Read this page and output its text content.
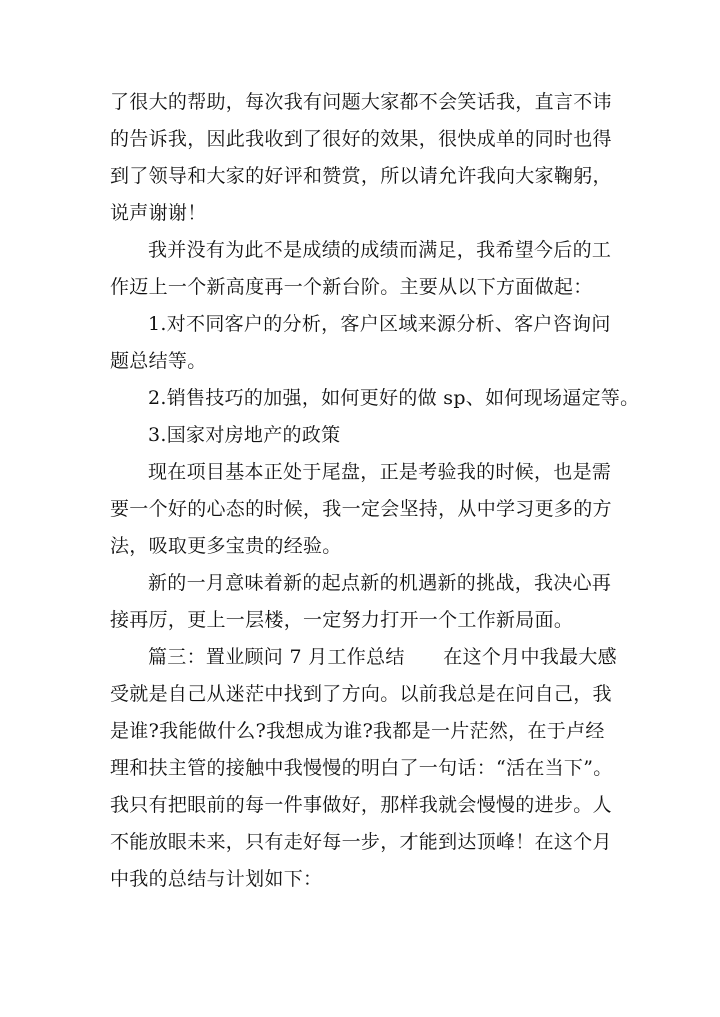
了很大的帮助，每次我有问题大家都不会笑话我，直言不讳
的告诉我，因此我收到了很好的效果，很快成单的同时也得
到了领导和大家的好评和赞赏，所以请允许我向大家鞠躬，
说声谢谢！
我并没有为此不是成绩的成绩而满足，我希望今后的工
作迈上一个新高度再一个新台阶。主要从以下方面做起：
1.对不同客户的分析，客户区域来源分析、客户咨询问
题总结等。
2.销售技巧的加强，如何更好的做 sp、如何现场逼定等。
3.国家对房地产的政策
现在项目基本正处于尾盘，正是考验我的时候，也是需
要一个好的心态的时候，我一定会坚持，从中学习更多的方
法，吸取更多宝贵的经验。
新的一月意味着新的起点新的机遇新的挑战，我决心再
接再厉，更上一层楼，一定努力打开一个工作新局面。
篇三：置业顾问 7 月工作总结　　在这个月中我最大感
受就是自己从迷茫中找到了方向。以前我总是在问自己，我
是谁?我能做什么?我想成为谁?我都是一片茫然，在于卢经
理和扶主管的接触中我慢慢的明白了一句话：“活在当下”。
我只有把眼前的每一件事做好，那样我就会慢慢的进步。人
不能放眼未来，只有走好每一步，才能到达顶峰！在这个月
中我的总结与计划如下：
